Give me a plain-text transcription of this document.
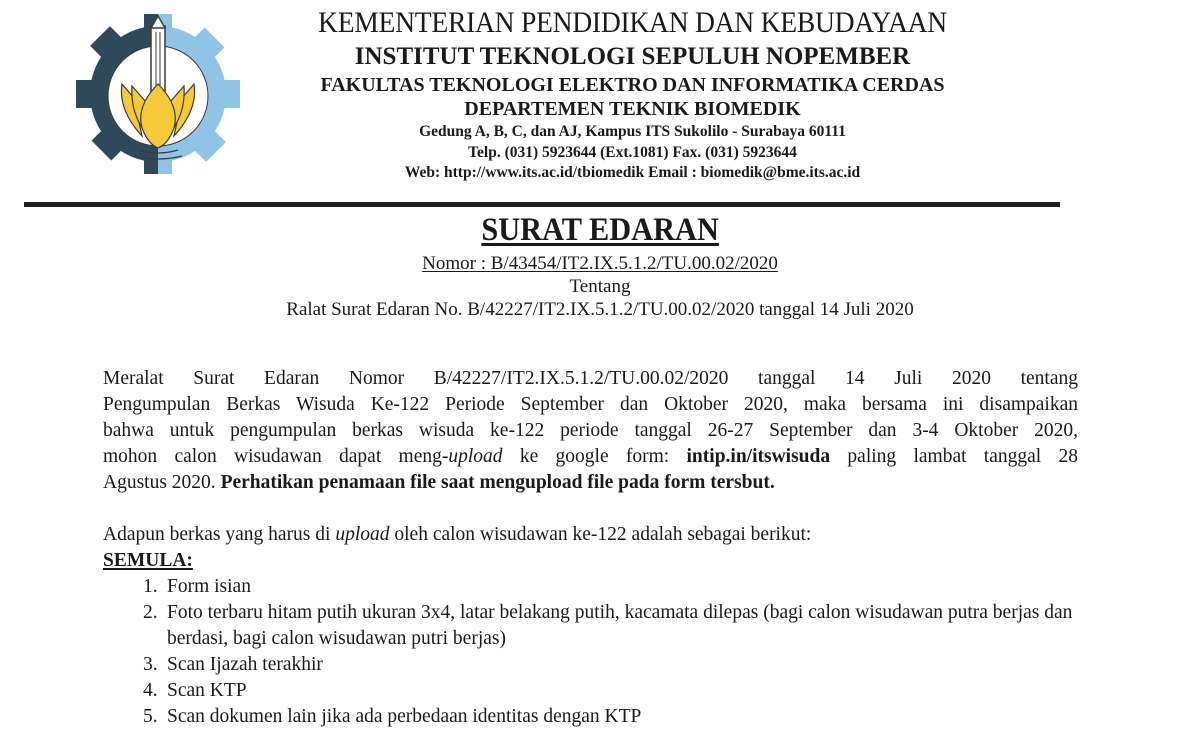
KEMENTERIAN PENDIDIKAN DAN KEBUDAYAAN
INSTITUT TEKNOLOGI SEPULUH NOPEMBER
FAKULTAS TEKNOLOGI ELEKTRO DAN INFORMATIKA CERDAS
DEPARTEMEN TEKNIK BIOMEDIK
Gedung A, B, C, dan AJ, Kampus ITS Sukolilo - Surabaya 60111
Telp. (031) 5923644 (Ext.1081) Fax. (031) 5923644
Web: http://www.its.ac.id/tbiomedik Email : biomedik@bme.its.ac.id
SURAT EDARAN
Nomor : B/43454/IT2.IX.5.1.2/TU.00.02/2020
Tentang
Ralat Surat Edaran No. B/42227/IT2.IX.5.1.2/TU.00.02/2020 tanggal 14 Juli 2020
Meralat Surat Edaran Nomor B/42227/IT2.IX.5.1.2/TU.00.02/2020 tanggal 14 Juli 2020 tentang
Pengumpulan Berkas Wisuda Ke-122 Periode September dan Oktober 2020, maka bersama ini disampaikan
bahwa untuk pengumpulan berkas wisuda ke-122 periode tanggal 26-27 September dan 3-4 Oktober 2020,
mohon calon wisudawan dapat meng-upload ke google form: intip.in/itswisuda paling lambat tanggal 28
Agustus 2020. Perhatikan penamaan file saat mengupload file pada form tersbut.
Adapun berkas yang harus di upload oleh calon wisudawan ke-122 adalah sebagai berikut:
SEMULA:
1. Form isian
2. Foto terbaru hitam putih ukuran 3x4, latar belakang putih, kacamata dilepas (bagi calon wisudawan putra berjas dan berdasi, bagi calon wisudawan putri berjas)
3. Scan Ijazah terakhir
4. Scan KTP
5. Scan dokumen lain jika ada perbedaan identitas dengan KTP
